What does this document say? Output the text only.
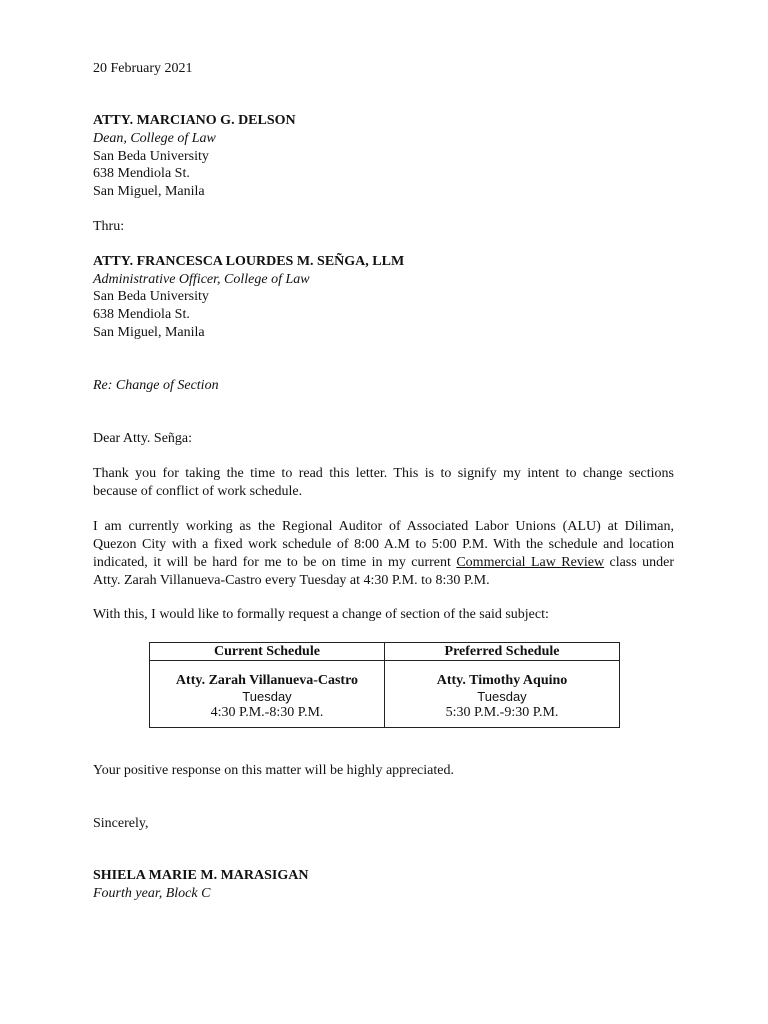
20 February 2021
ATTY. MARCIANO G. DELSON
Dean, College of Law
San Beda University
638 Mendiola St.
San Miguel, Manila
Thru:
ATTY. FRANCESCA LOURDES M. SEÑGA, LLM
Administrative Officer, College of Law
San Beda University
638 Mendiola St.
San Miguel, Manila
Re: Change of Section
Dear Atty. Señga:
Thank you for taking the time to read this letter. This is to signify my intent to change sections
because of conflict of work schedule.
I am currently working as the Regional Auditor of Associated Labor Unions (ALU) at Diliman,
Quezon City with a fixed work schedule of 8:00 A.M to 5:00 P.M. With the schedule and location
indicated, it will be hard for me to be on time in my current Commercial Law Review class under
Atty. Zarah Villanueva-Castro every Tuesday at 4:30 P.M. to 8:30 P.M.
With this, I would like to formally request a change of section of the said subject:
Current Schedule	Preferred Schedule

Atty. Zarah Villanueva-Castro
Tuesday
4:30 P.M.-8:30 P.M.	Atty. Timothy Aquino
Tuesday
5:30 P.M.-9:30 P.M.
Your positive response on this matter will be highly appreciated.
Sincerely,
SHIELA MARIE M. MARASIGAN
Fourth year, Block C
